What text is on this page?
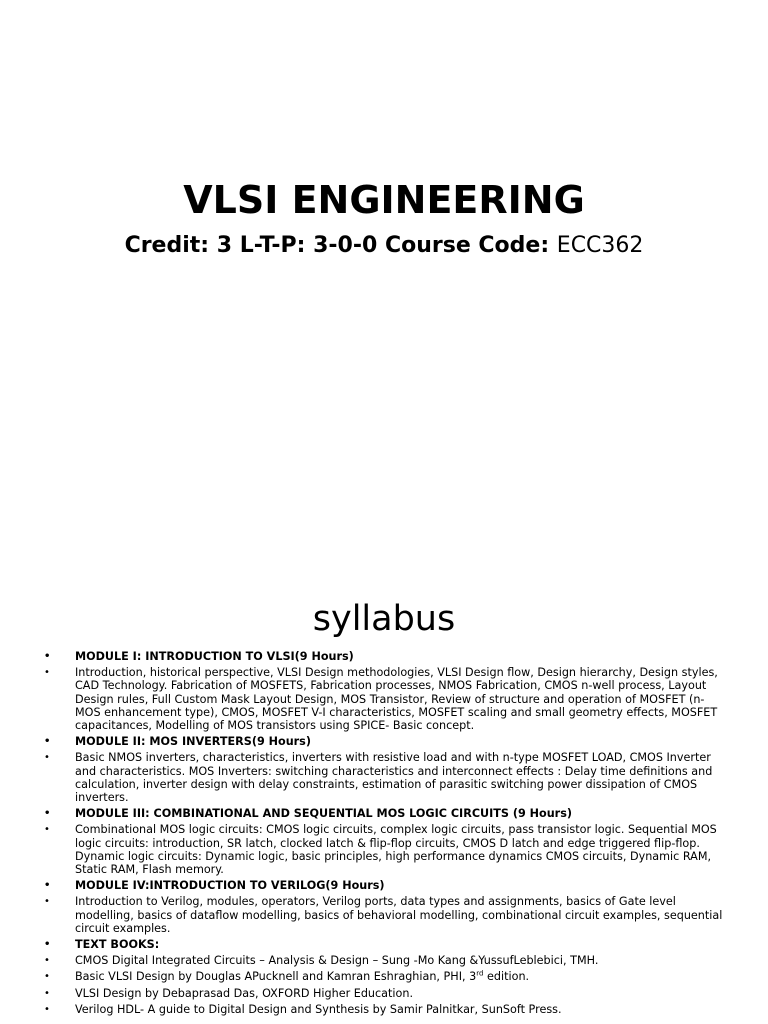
VLSI ENGINEERING
Credit: 3 L-T-P: 3-0-0 Course Code: ECC362
syllabus
• MODULE I: INTRODUCTION TO VLSI(9 Hours)
• Introduction, historical perspective, VLSI Design methodologies, VLSI Design flow, Design hierarchy, Design styles, CAD Technology. Fabrication of MOSFETS, Fabrication processes, NMOS Fabrication, CMOS n-well process, Layout Design rules, Full Custom Mask Layout Design, MOS Transistor, Review of structure and operation of MOSFET (n-MOS enhancement type), CMOS, MOSFET V-I characteristics, MOSFET scaling and small geometry effects, MOSFET capacitances, Modelling of MOS transistors using SPICE- Basic concept.
• MODULE II: MOS INVERTERS(9 Hours)
• Basic NMOS inverters, characteristics, inverters with resistive load and with n-type MOSFET LOAD, CMOS Inverter and characteristics. MOS Inverters: switching characteristics and interconnect effects : Delay time definitions and calculation, inverter design with delay constraints, estimation of parasitic switching power dissipation of CMOS inverters.
• MODULE III: COMBINATIONAL AND SEQUENTIAL MOS LOGIC CIRCUITS (9 Hours)
• Combinational MOS logic circuits: CMOS logic circuits, complex logic circuits, pass transistor logic. Sequential MOS logic circuits: introduction, SR latch, clocked latch & flip-flop circuits, CMOS D latch and edge triggered flip-flop. Dynamic logic circuits: Dynamic logic, basic principles, high performance dynamics CMOS circuits, Dynamic RAM, Static RAM, Flash memory.
• MODULE IV:INTRODUCTION TO VERILOG(9 Hours)
• Introduction to Verilog, modules, operators, Verilog ports, data types and assignments, basics of Gate level modelling, basics of dataflow modelling, basics of behavioral modelling, combinational circuit examples, sequential circuit examples.
• TEXT BOOKS:
• CMOS Digital Integrated Circuits – Analysis & Design – Sung -Mo Kang &YussufLeblebici, TMH.
• Basic VLSI Design by Douglas APucknell and Kamran Eshraghian, PHI, 3rd edition.
• VLSI Design by Debaprasad Das, OXFORD Higher Education.
• Verilog HDL- A guide to Digital Design and Synthesis by Samir Palnitkar, SunSoft Press.
